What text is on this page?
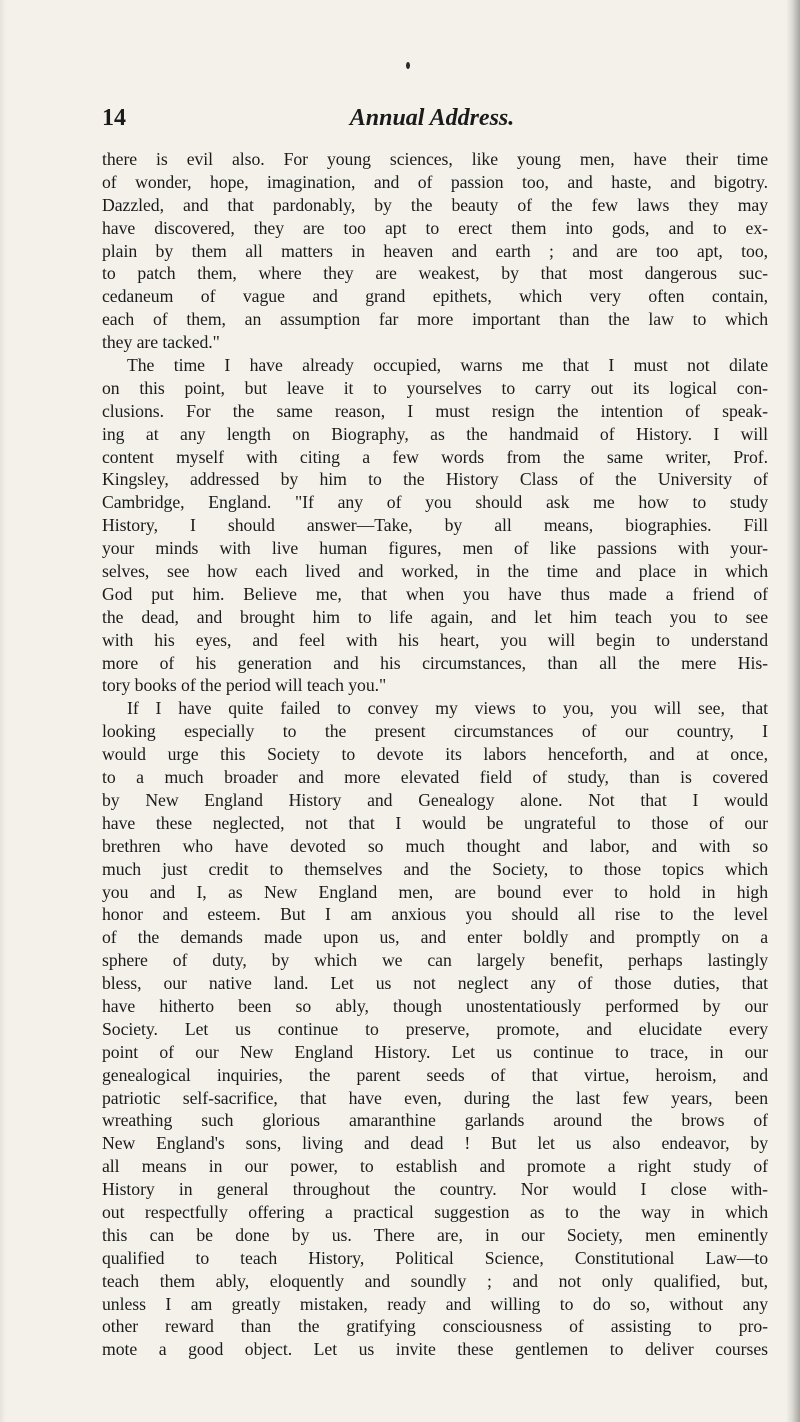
14	Annual Address.
there is evil also. For young sciences, like young men, have their time
of wonder, hope, imagination, and of passion too, and haste, and bigotry.
Dazzled, and that pardonably, by the beauty of the few laws they may
have discovered, they are too apt to erect them into gods, and to ex-
plain by them all matters in heaven and earth ; and are too apt, too,
to patch them, where they are weakest, by that most dangerous suc-
cedaneum of vague and grand epithets, which very often contain,
each of them, an assumption far more important than the law to which
they are tacked."
The time I have already occupied, warns me that I must not dilate
on this point, but leave it to yourselves to carry out its logical con-
clusions. For the same reason, I must resign the intention of speak-
ing at any length on Biography, as the handmaid of History. I will
content myself with citing a few words from the same writer, Prof.
Kingsley, addressed by him to the History Class of the University of
Cambridge, England. "If any of you should ask me how to study
History, I should answer—Take, by all means, biographies. Fill
your minds with live human figures, men of like passions with your-
selves, see how each lived and worked, in the time and place in which
God put him. Believe me, that when you have thus made a friend of
the dead, and brought him to life again, and let him teach you to see
with his eyes, and feel with his heart, you will begin to understand
more of his generation and his circumstances, than all the mere His-
tory books of the period will teach you."
If I have quite failed to convey my views to you, you will see, that
looking especially to the present circumstances of our country, I
would urge this Society to devote its labors henceforth, and at once,
to a much broader and more elevated field of study, than is covered
by New England History and Genealogy alone. Not that I would
have these neglected, not that I would be ungrateful to those of our
brethren who have devoted so much thought and labor, and with so
much just credit to themselves and the Society, to those topics which
you and I, as New England men, are bound ever to hold in high
honor and esteem. But I am anxious you should all rise to the level
of the demands made upon us, and enter boldly and promptly on a
sphere of duty, by which we can largely benefit, perhaps lastingly
bless, our native land. Let us not neglect any of those duties, that
have hitherto been so ably, though unostentatiously performed by our
Society. Let us continue to preserve, promote, and elucidate every
point of our New England History. Let us continue to trace, in our
genealogical inquiries, the parent seeds of that virtue, heroism, and
patriotic self-sacrifice, that have even, during the last few years, been
wreathing such glorious amaranthine garlands around the brows of
New England's sons, living and dead ! But let us also endeavor, by
all means in our power, to establish and promote a right study of
History in general throughout the country. Nor would I close with-
out respectfully offering a practical suggestion as to the way in which
this can be done by us. There are, in our Society, men eminently
qualified to teach History, Political Science, Constitutional Law—to
teach them ably, eloquently and soundly ; and not only qualified, but,
unless I am greatly mistaken, ready and willing to do so, without any
other reward than the gratifying consciousness of assisting to pro-
mote a good object. Let us invite these gentlemen to deliver courses
